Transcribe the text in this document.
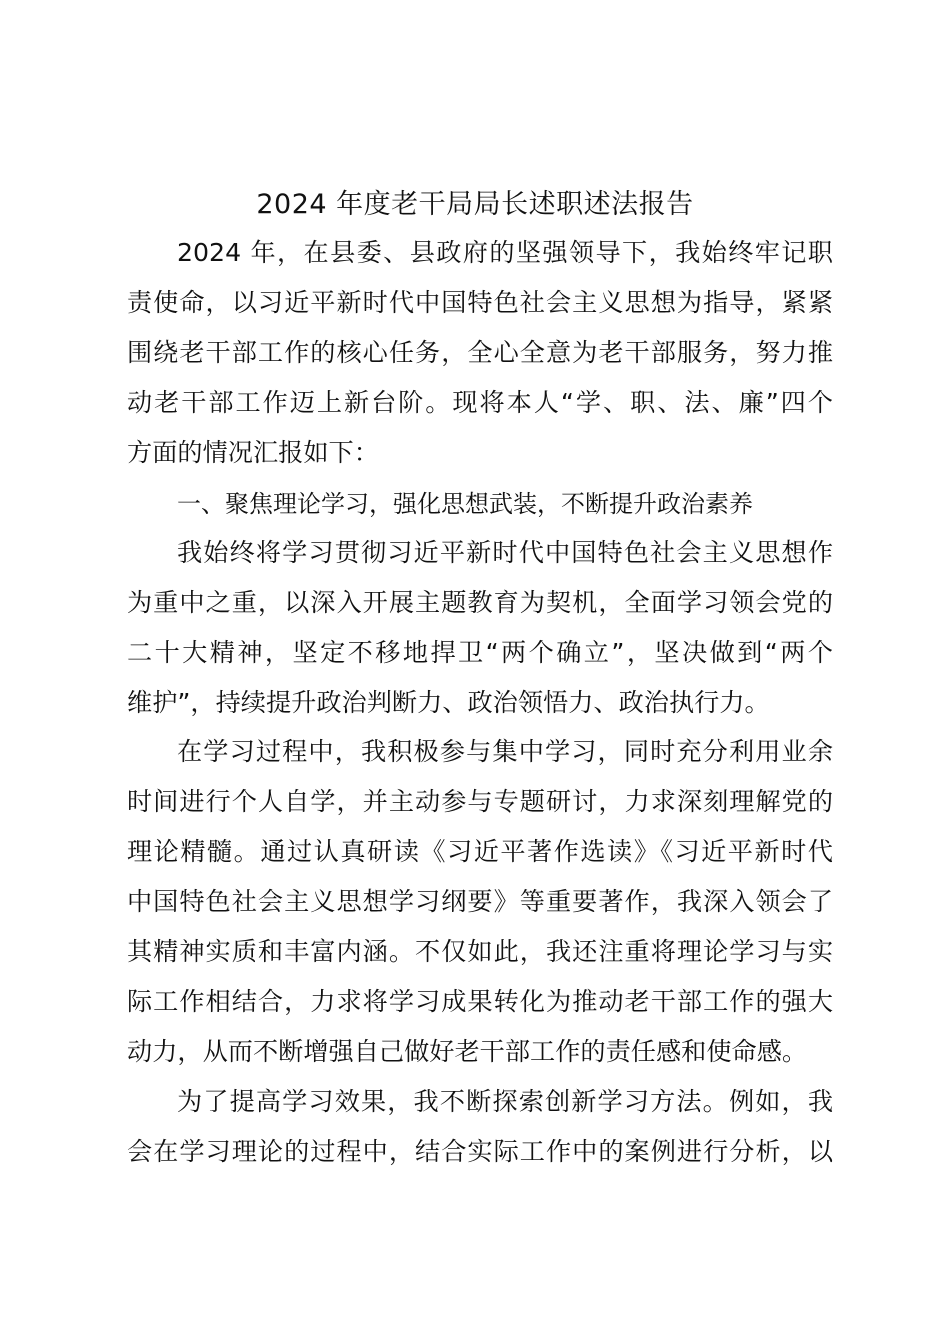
2024 年度老干局局长述职述法报告
2024 年，在县委、县政府的坚强领导下，我始终牢记职
责使命，以习近平新时代中国特色社会主义思想为指导，紧紧
围绕老干部工作的核心任务，全心全意为老干部服务，努力推
动老干部工作迈上新台阶。现将本人“学、职、法、廉”四个
方面的情况汇报如下：
一、聚焦理论学习，强化思想武装，不断提升政治素养
我始终将学习贯彻习近平新时代中国特色社会主义思想作
为重中之重，以深入开展主题教育为契机，全面学习领会党的
二十大精神，坚定不移地捍卫“两个确立”，坚决做到“两个
维护”，持续提升政治判断力、政治领悟力、政治执行力。
在学习过程中，我积极参与集中学习，同时充分利用业余
时间进行个人自学，并主动参与专题研讨，力求深刻理解党的
理论精髓。通过认真研读《习近平著作选读》《习近平新时代
中国特色社会主义思想学习纲要》等重要著作，我深入领会了
其精神实质和丰富内涵。不仅如此，我还注重将理论学习与实
际工作相结合，力求将学习成果转化为推动老干部工作的强大
动力，从而不断增强自己做好老干部工作的责任感和使命感。
为了提高学习效果，我不断探索创新学习方法。例如，我
会在学习理论的过程中，结合实际工作中的案例进行分析，以
